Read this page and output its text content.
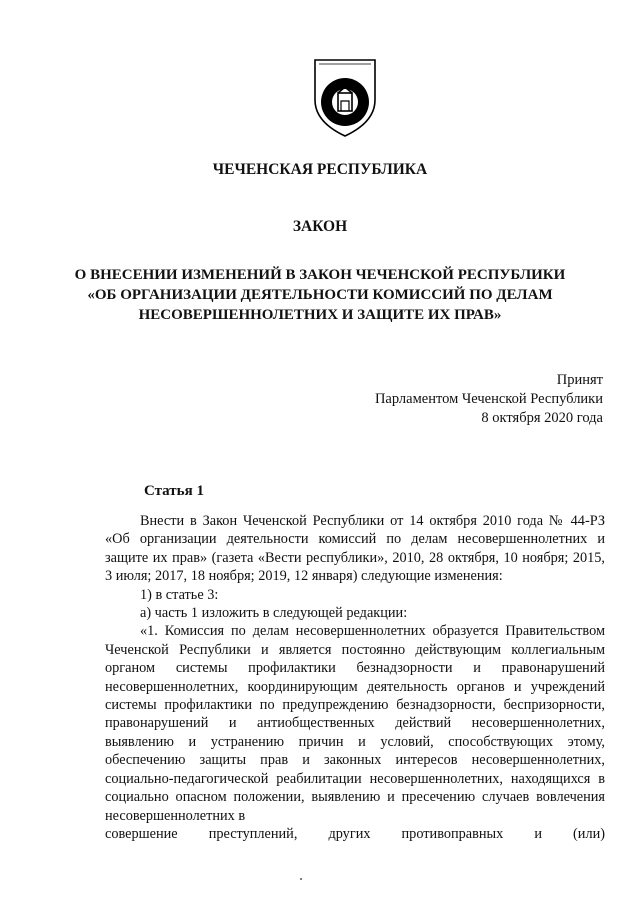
ЧЕЧЕНСКАЯ РЕСПУБЛИКА
ЗАКОН
О ВНЕСЕНИИ ИЗМЕНЕНИЙ В ЗАКОН ЧЕЧЕНСКОЙ РЕСПУБЛИКИ
«ОБ ОРГАНИЗАЦИИ ДЕЯТЕЛЬНОСТИ КОМИССИЙ ПО ДЕЛАМ
НЕСОВЕРШЕННОЛЕТНИХ И ЗАЩИТЕ ИХ ПРАВ»
Принят
Парламентом Чеченской Республики
8 октября 2020 года
Статья 1

Внести в Закон Чеченской Республики от 14 октября 2010 года № 44-РЗ «Об организации деятельности комиссий по делам несовершеннолетних и защите их прав» (газета «Вести республики», 2010, 28 октября, 10 ноября; 2015, 3 июля; 2017, 18 ноября; 2019, 12 января) следующие изменения:

1) в статье 3:

а) часть 1 изложить в следующей редакции:

«1. Комиссия по делам несовершеннолетних образуется Правительством Чеченской Республики и является постоянно действующим коллегиальным органом системы профилактики безнадзорности и правонарушений несовершеннолетних, координирующим деятельность органов и учреждений системы профилактики по предупреждению безнадзорности, беспризорности, правонарушений и антиобщественных действий несовершеннолетних, выявлению и устранению причин и условий, способствующих этому, обеспечению защиты прав и законных интересов несовершеннолетних, социально-педагогической реабилитации несовершеннолетних, находящихся в социально опасном положении, выявлению и пресечению случаев вовлечения несовершеннолетних в

совершение преступлений, других противоправных и (или)
